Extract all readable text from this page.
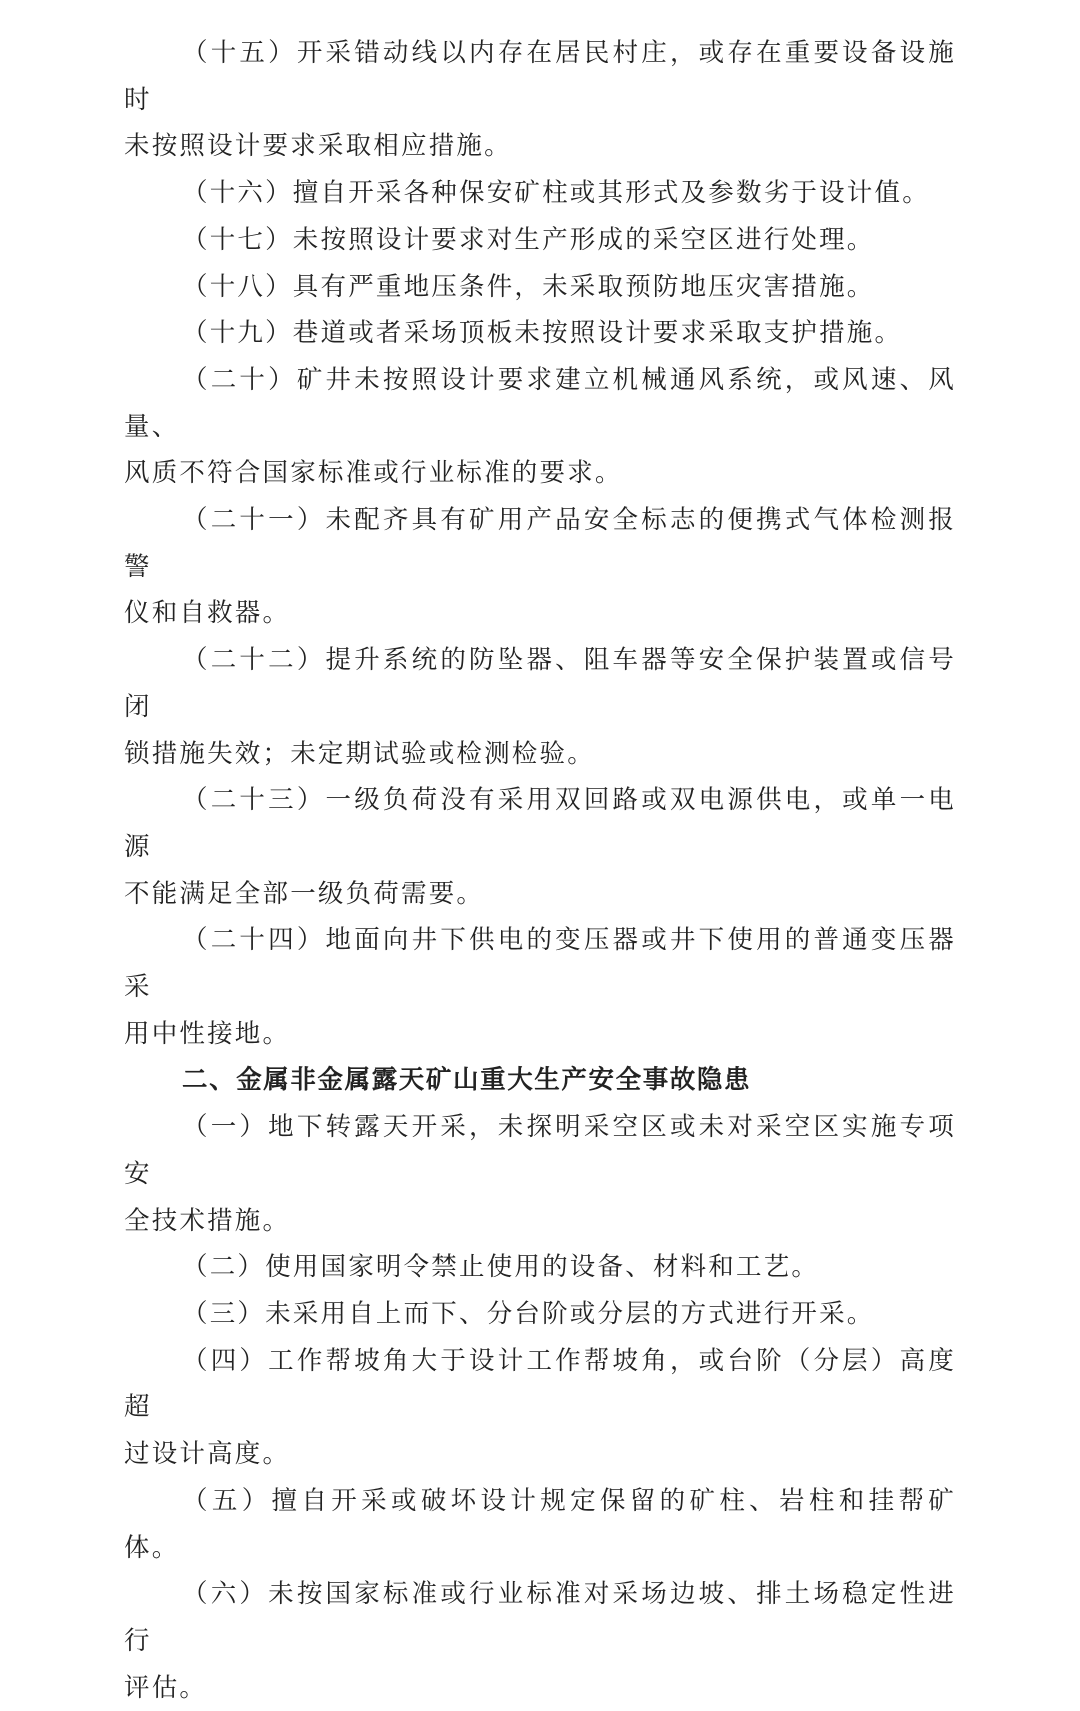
（十五）开采错动线以内存在居民村庄，或存在重要设备设施时
未按照设计要求采取相应措施。

（十六）擅自开采各种保安矿柱或其形式及参数劣于设计值。

（十七）未按照设计要求对生产形成的采空区进行处理。

（十八）具有严重地压条件，未采取预防地压灾害措施。

（十九）巷道或者采场顶板未按照设计要求采取支护措施。

（二十）矿井未按照设计要求建立机械通风系统，或风速、风量、
风质不符合国家标准或行业标准的要求。

（二十一）未配齐具有矿用产品安全标志的便携式气体检测报警
仪和自救器。

（二十二）提升系统的防坠器、阻车器等安全保护装置或信号闭
锁措施失效；未定期试验或检测检验。

（二十三）一级负荷没有采用双回路或双电源供电，或单一电源
不能满足全部一级负荷需要。

（二十四）地面向井下供电的变压器或井下使用的普通变压器采
用中性接地。

二、金属非金属露天矿山重大生产安全事故隐患

（一）地下转露天开采，未探明采空区或未对采空区实施专项安
全技术措施。

（二）使用国家明令禁止使用的设备、材料和工艺。

（三）未采用自上而下、分台阶或分层的方式进行开采。

（四）工作帮坡角大于设计工作帮坡角，或台阶（分层）高度超
过设计高度。

（五）擅自开采或破坏设计规定保留的矿柱、岩柱和挂帮矿体。

（六）未按国家标准或行业标准对采场边坡、排土场稳定性进行
评估。
